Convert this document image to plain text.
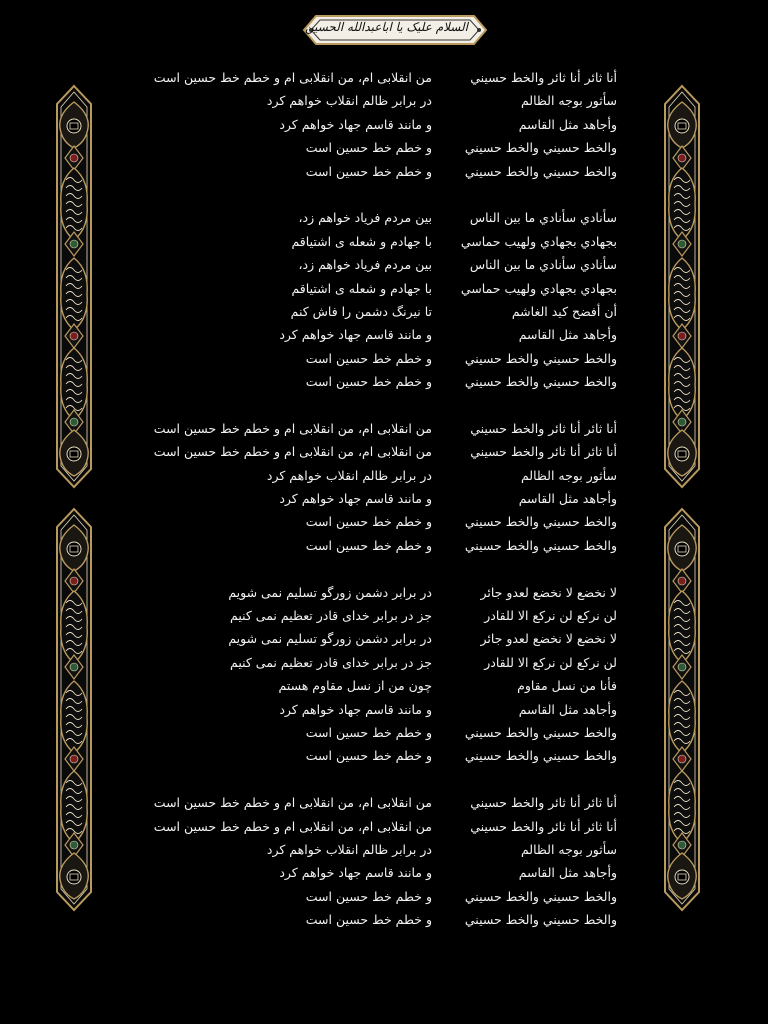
السلام علیک یا اباعبدالله الحسین
أنا ثائر أنا ثائر والخط حسيني
من انقلابی ام، من انقلابی ام و خطم خط حسین است
سأثور بوجه الظالم
در برابر ظالم انقلاب خواهم کرد
وأجاهد مثل القاسم
و مانند قاسم جهاد خواهم کرد
والخط حسيني والخط حسيني
و خطم خط حسین است
والخط حسيني والخط حسيني
و خطم خط حسین است
سأنادي سأنادي ما بين الناس
بین مردم فریاد خواهم زد،
بجهادي بجهادي ولهيب حماسي
با جهادم و شعله ی اشتیاقم
سأنادي سأنادي ما بين الناس
بین مردم فریاد خواهم زد،
بجهادي بجهادي ولهيب حماسي
با جهادم و شعله ی اشتیاقم
أن أفضح كيد الغاشم
تا نیرنگ دشمن را فاش کنم
وأجاهد مثل القاسم
و مانند قاسم جهاد خواهم کرد
والخط حسيني والخط حسيني
و خطم خط حسین است
والخط حسيني والخط حسيني
و خطم خط حسین است
أنا ثائر أنا ثائر والخط حسيني
من انقلابی ام، من انقلابی ام و خطم خط حسین است
أنا ثائر أنا ثائر والخط حسيني
من انقلابی ام، من انقلابی ام و خطم خط حسین است
سأثور بوجه الظالم
در برابر ظالم انقلاب خواهم کرد
وأجاهد مثل القاسم
و مانند قاسم جهاد خواهم کرد
والخط حسيني والخط حسيني
و خطم خط حسین است
والخط حسيني والخط حسيني
و خطم خط حسین است
لا نخضع لا نخضع لعدو جائر
در برابر دشمن زورگو تسلیم نمی شویم
لن نركع لن نركع الا للقادر
جز در برابر خدای قادر تعظیم نمی کنیم
لا نخضع لا نخضع لعدو جائر
در برابر دشمن زورگو تسلیم نمی شویم
لن نركع لن نركع الا للقادر
جز در برابر خدای قادر تعظیم نمی کنیم
فأنا من نسل مقاوم
چون من از نسل مقاوم هستم
وأجاهد مثل القاسم
و مانند قاسم جهاد خواهم کرد
والخط حسيني والخط حسيني
و خطم خط حسین است
والخط حسيني والخط حسيني
و خطم خط حسین است
أنا ثائر أنا ثائر والخط حسيني
من انقلابی ام، من انقلابی ام و خطم خط حسین است
أنا ثائر أنا ثائر والخط حسيني
من انقلابی ام، من انقلابی ام و خطم خط حسین است
سأثور بوجه الظالم
در برابر ظالم انقلاب خواهم کرد
وأجاهد مثل القاسم
و مانند قاسم جهاد خواهم کرد
والخط حسيني والخط حسيني
و خطم خط حسین است
والخط حسيني والخط حسيني
و خطم خط حسین است
